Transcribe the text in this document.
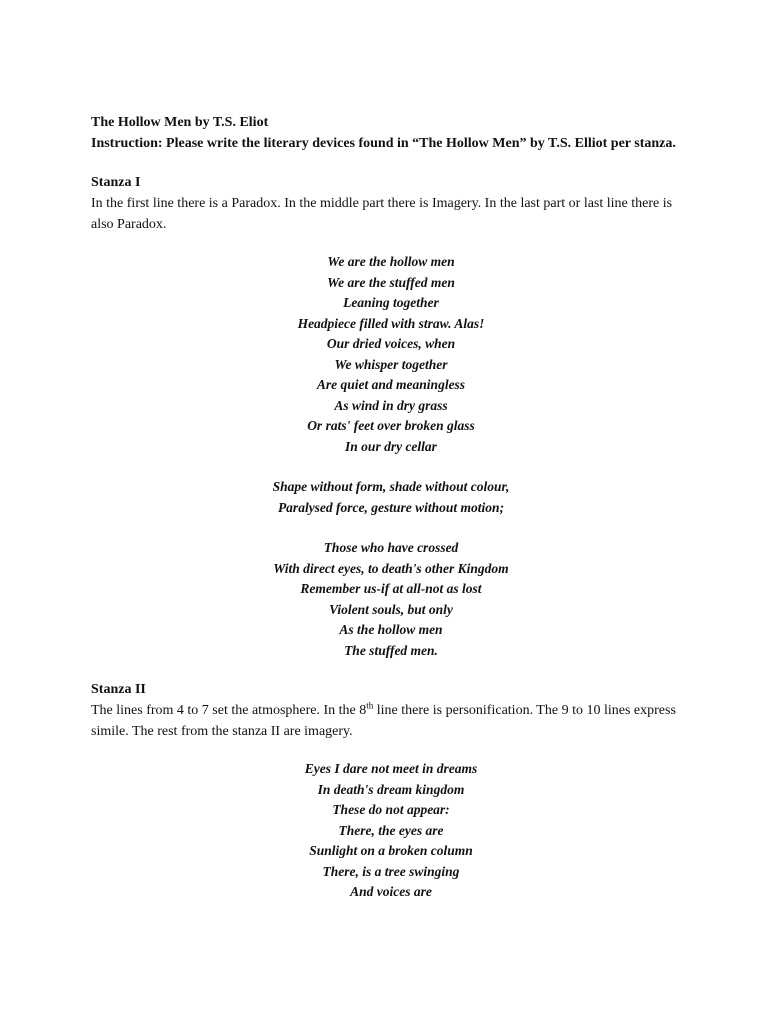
The Hollow Men by T.S. Eliot
Instruction: Please write the literary devices found in “The Hollow Men” by T.S. Elliot per stanza.
Stanza I
In the first line there is a Paradox. In the middle part there is Imagery. In the last part or last line there is also Paradox.
We are the hollow men
We are the stuffed men
Leaning together
Headpiece filled with straw. Alas!
Our dried voices, when
We whisper together
Are quiet and meaningless
As wind in dry grass
Or rats' feet over broken glass
In our dry cellar
Shape without form, shade without colour,
Paralysed force, gesture without motion;
Those who have crossed
With direct eyes, to death's other Kingdom
Remember us-if at all-not as lost
Violent souls, but only
As the hollow men
The stuffed men.
Stanza II
The lines from 4 to 7 set the atmosphere. In the 8th line there is personification. The 9 to 10 lines express simile. The rest from the stanza II are imagery.
Eyes I dare not meet in dreams
In death's dream kingdom
These do not appear:
There, the eyes are
Sunlight on a broken column
There, is a tree swinging
And voices are
